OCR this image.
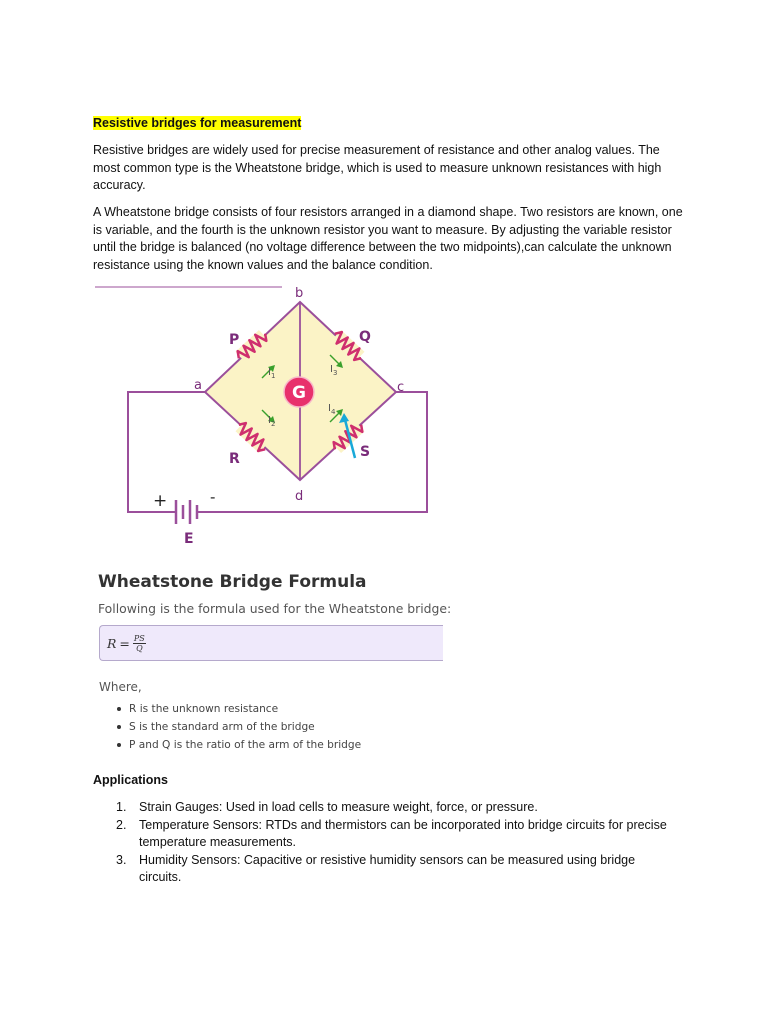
Resistive bridges for measurement

Resistive bridges are widely used for precise measurement of resistance and other analog values. The most common type is the Wheatstone bridge, which is used to measure unknown resistances with high accuracy.

A Wheatstone bridge consists of four resistors arranged in a diamond shape. Two resistors are known, one is variable, and the fourth is the unknown resistor you want to measure. By adjusting the variable resistor until the bridge is balanced (no voltage difference between the two midpoints),can calculate the unknown resistance using the known values and the balance condition.

+	-
E
$I_1$
$I_2$
$I_3$
$I_4$
G
P	Q
R	S
b
a	c
d
Wheatstone Bridge Formula
Following is the formula used for the Wheatstone bridge:
$R = \frac{PS}{Q}$
Where,
R is the unknown resistance
S is the standard arm of the bridge
P and Q is the ratio of the arm of the bridge
Applications
1. Strain Gauges: Used in load cells to measure weight, force, or pressure.
2. Temperature Sensors: RTDs and thermistors can be incorporated into bridge circuits for precise temperature measurements.
3. Humidity Sensors: Capacitive or resistive humidity sensors can be measured using bridge circuits.
